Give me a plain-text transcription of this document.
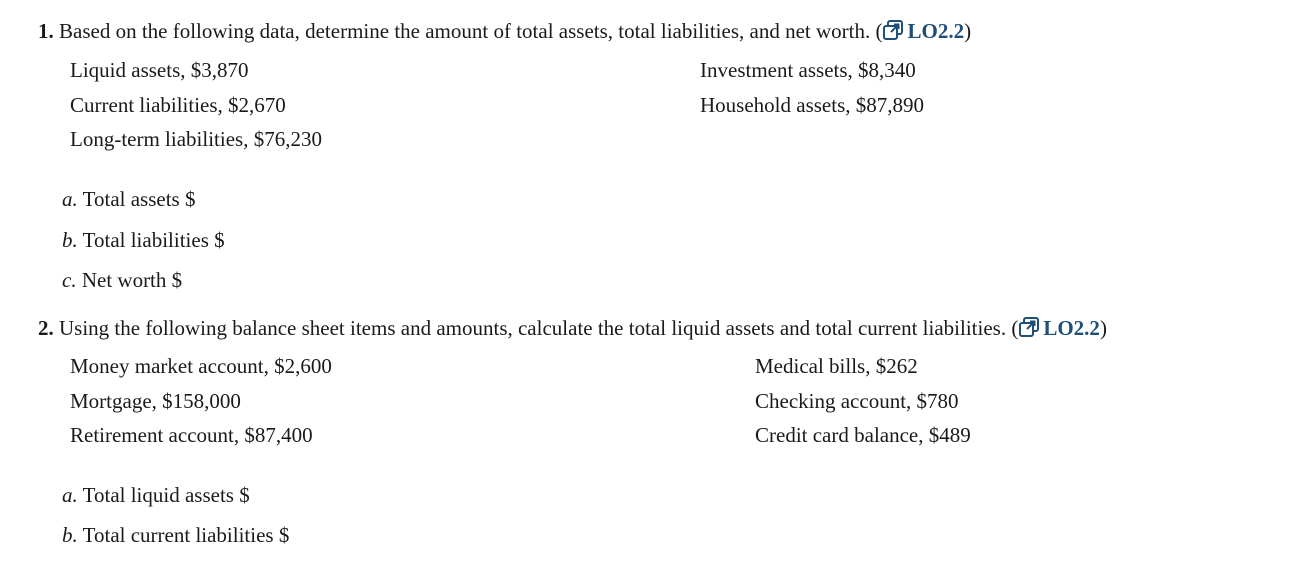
1. Based on the following data, determine the amount of total assets, total liabilities, and net worth. ( LO2.2)
Liquid assets, $3,870
Current liabilities, $2,670
Long-term liabilities, $76,230
Investment assets, $8,340
Household assets, $87,890
a. Total assets $
b. Total liabilities $
c. Net worth $
2. Using the following balance sheet items and amounts, calculate the total liquid assets and total current liabilities. ( LO2.2)
Money market account, $2,600
Mortgage, $158,000
Retirement account, $87,400
Medical bills, $262
Checking account, $780
Credit card balance, $489
a. Total liquid assets $
b. Total current liabilities $
